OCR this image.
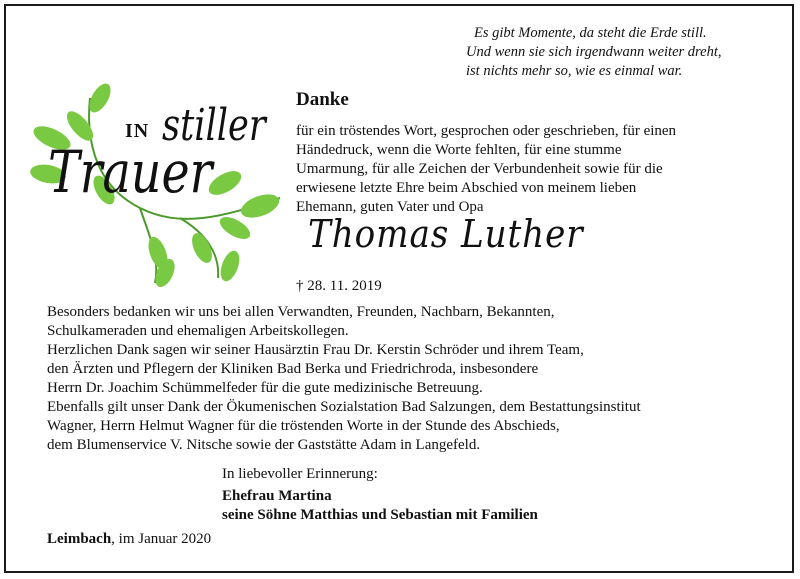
Es gibt Momente, da steht die Erde still.
Und wenn sie sich irgendwann weiter dreht,
ist nichts mehr so, wie es einmal war.
IN stiller
Trauer
Danke
für ein tröstendes Wort, gesprochen oder geschrieben, für einen
Händedruck, wenn die Worte fehlten, für eine stumme
Umarmung, für alle Zeichen der Verbundenheit sowie für die
erwiesene letzte Ehre beim Abschied von meinem lieben
Ehemann, guten Vater und Opa
Thomas Luther
† 28. 11. 2019
Besonders bedanken wir uns bei allen Verwandten, Freunden, Nachbarn, Bekannten,
Schulkameraden und ehemaligen Arbeitskollegen.
Herzlichen Dank sagen wir seiner Hausärztin Frau Dr. Kerstin Schröder und ihrem Team,
den Ärzten und Pflegern der Kliniken Bad Berka und Friedrichroda, insbesondere
Herrn Dr. Joachim Schümmelfeder für die gute medizinische Betreuung.
Ebenfalls gilt unser Dank der Ökumenischen Sozialstation Bad Salzungen, dem Bestattungsinstitut
Wagner, Herrn Helmut Wagner für die tröstenden Worte in der Stunde des Abschieds,
dem Blumenservice V. Nitsche sowie der Gaststätte Adam in Langefeld.
In liebevoller Erinnerung:
Ehefrau Martina
seine Söhne Matthias und Sebastian mit Familien
Leimbach, im Januar 2020
